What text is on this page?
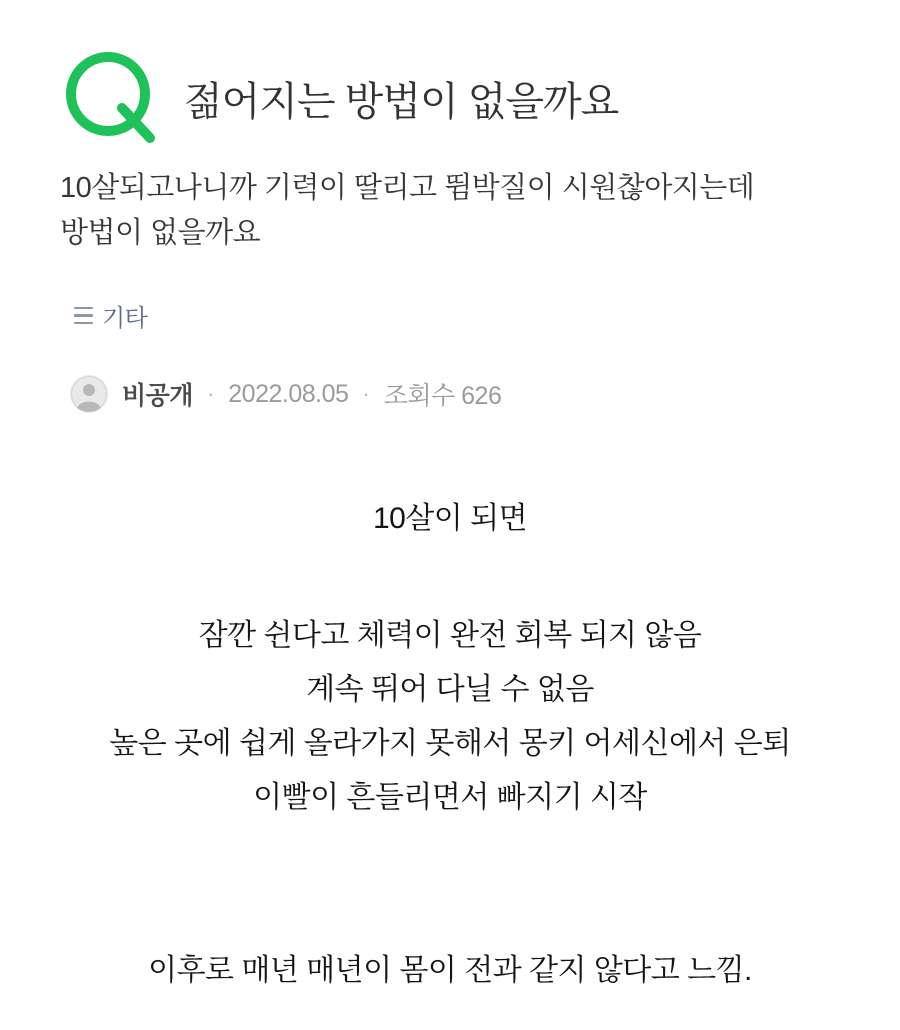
젊어지는 방법이 없을까요
10살되고나니까 기력이 딸리고 뜀박질이 시원찮아지는데
방법이 없을까요
기타
비공개 · 2022.08.05 · 조회수 626
10살이 되면
잠깐 쉰다고 체력이 완전 회복 되지 않음
계속 뛰어 다닐 수 없음
높은 곳에 쉽게 올라가지 못해서 몽키 어세신에서 은퇴
이빨이 흔들리면서 빠지기 시작
이후로 매년 매년이 몸이 전과 같지 않다고 느낌.
